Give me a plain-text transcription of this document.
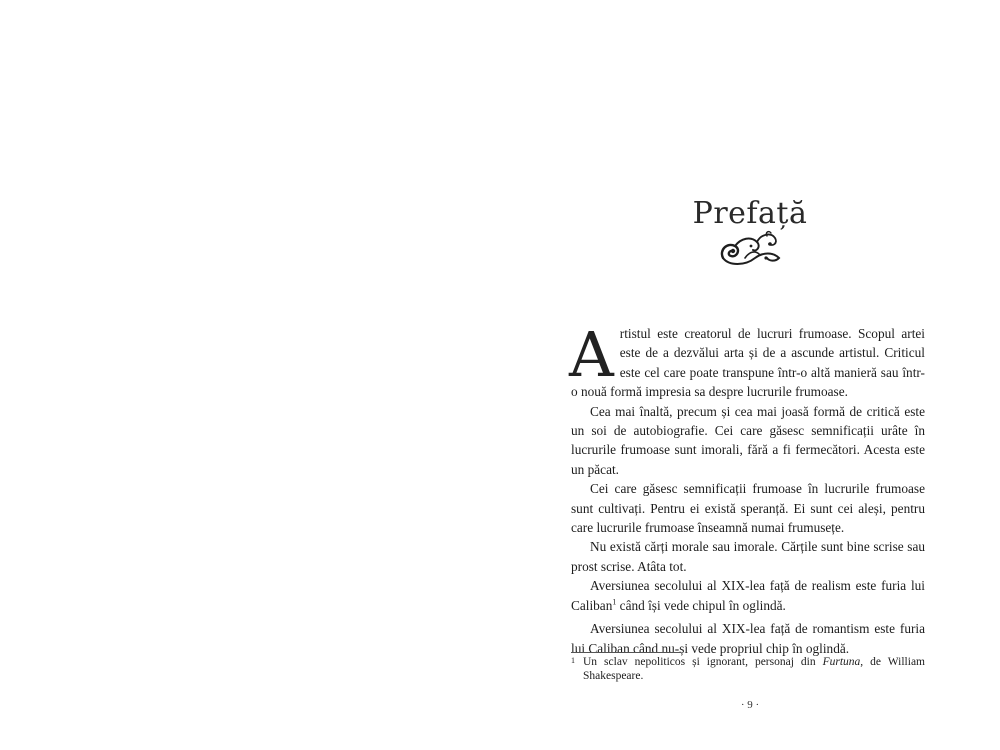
Prefață

Artistul este creatorul de lucruri frumoase. Scopul artei este de a dezvălui arta și de a ascunde artistul. Criticul este cel care poate transpune într-o altă manieră sau într-o nouă formă impresia sa despre lucrurile frumoase.

Cea mai înaltă, precum și cea mai joasă formă de critică este un soi de autobiografie. Cei care găsesc semnificații urâte în lucrurile frumoase sunt imorali, fără a fi fermecători. Acesta este un păcat.

Cei care găsesc semnificații frumoase în lucrurile frumoase sunt cultivați. Pentru ei există speranță. Ei sunt cei aleși, pentru care lucrurile frumoase înseamnă numai frumusețe.

Nu există cărți morale sau imorale. Cărțile sunt bine scrise sau prost scrise. Atâta tot.

Aversiunea secolului al XIX-lea față de realism este furia lui Caliban$^1$ când își vede chipul în oglindă.

Aversiunea secolului al XIX-lea față de romantism este furia lui Caliban când nu-și vede propriul chip în oglindă.

1 Un sclav nepoliticos și ignorant, personaj din Furtuna, de William Shakespeare.
· 9 ·
